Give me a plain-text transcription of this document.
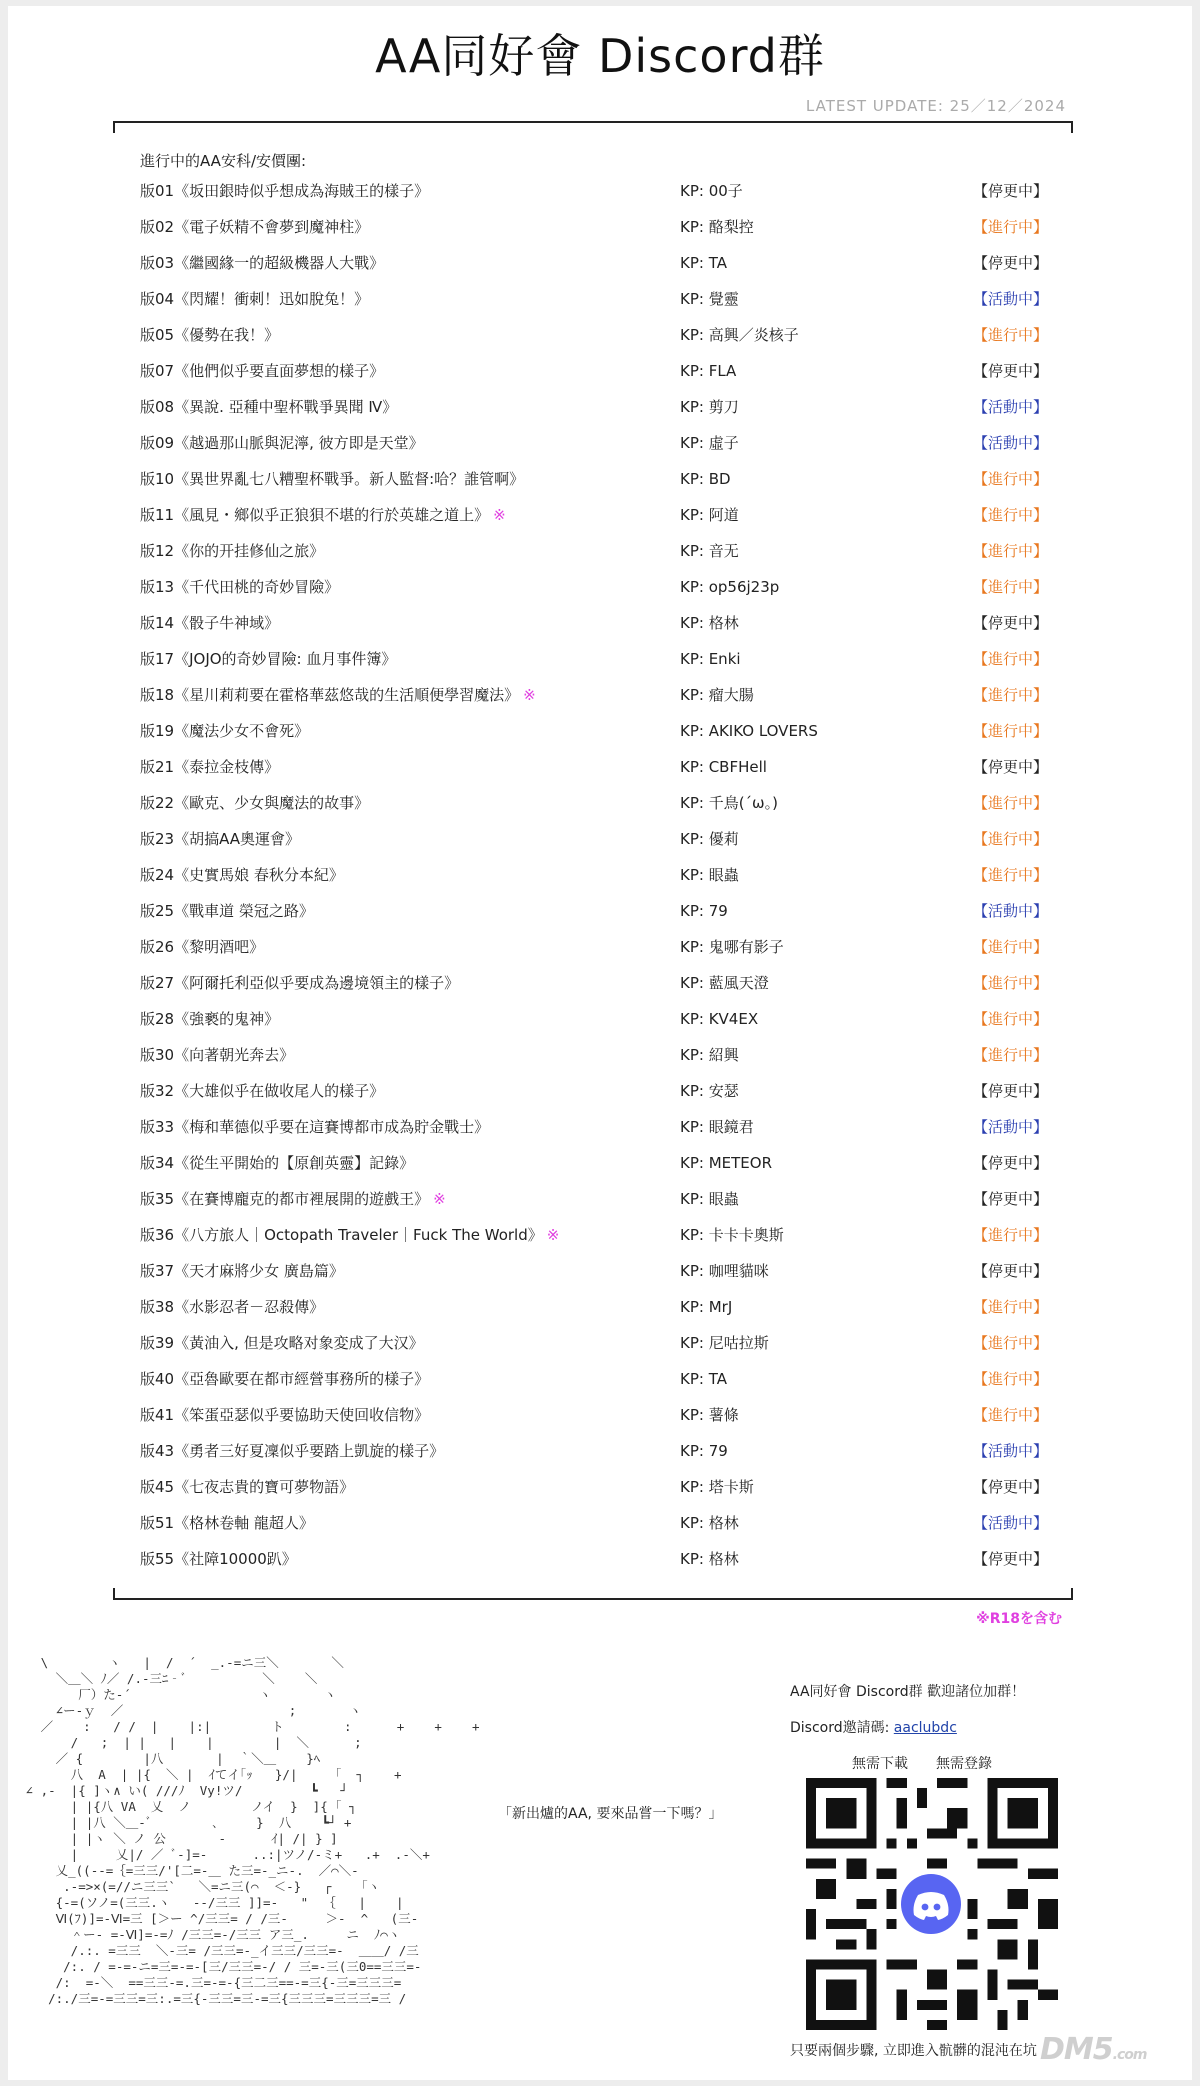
AA同好會 Discord群
LATEST UPDATE: 25／12／2024
進行中的AA安科/安價團:
版01《坂田銀時似乎想成為海賊王的樣子》	KP: 00子	【停更中】
版02《電子妖精不會夢到魔神柱》	KP: 酪梨控	【進行中】
版03《繼國緣一的超級機器人大戰》	KP: TA	【停更中】
版04《閃耀！衝刺！迅如脫兔！》	KP: 覺靈	【活動中】
版05《優勢在我！》	KP: 高興／炎核子	【進行中】
版07《他們似乎要直面夢想的樣子》	KP: FLA	【停更中】
版08《異說. 亞種中聖杯戰爭異聞 Ⅳ》	KP: 剪刀	【活動中】
版09《越過那山脈與泥濘, 彼方即是天堂》	KP: 虛子	【活動中】
版10《異世界亂七八糟聖杯戰爭。新人監督:哈？誰管啊》	KP: BD	【進行中】
版11《風見・鄉似乎正狼狽不堪的行於英雄之道上》 ※	KP: 阿道	【進行中】
版12《你的开挂修仙之旅》	KP: 音无	【進行中】
版13《千代田桃的奇妙冒險》	KP: op56j23p	【進行中】
版14《骰子牛神域》	KP: 格林	【停更中】
版17《JOJO的奇妙冒險: 血月事件簿》	KP: Enki	【進行中】
版18《星川莉莉要在霍格華茲悠哉的生活順便學習魔法》 ※	KP: 瘤大腸	【進行中】
版19《魔法少女不會死》	KP: AKIKO LOVERS	【進行中】
版21《泰拉金枝傳》	KP: CBFHell	【停更中】
版22《歐克、少女與魔法的故事》	KP: 千鳥(´ω。)	【進行中】
版23《胡搞AA奧運會》	KP: 優莉	【進行中】
版24《史實馬娘 春秋分本紀》	KP: 眼蟲	【進行中】
版25《戰車道 榮冠之路》	KP: 79	【活動中】
版26《黎明酒吧》	KP: 鬼哪有影子	【進行中】
版27《阿爾托利亞似乎要成為邊境領主的樣子》	KP: 藍風天澄	【進行中】
版28《強褻的鬼神》	KP: KV4EX	【進行中】
版30《向著朝光奔去》	KP: 紹興	【進行中】
版32《大雄似乎在做收尾人的樣子》	KP: 安瑟	【停更中】
版33《梅和華德似乎要在這賽博都市成為貯金戰士》	KP: 眼鏡君	【活動中】
版34《從生平開始的【原創英靈】記錄》	KP: METEOR	【停更中】
版35《在賽博龐克的都市裡展開的遊戲王》 ※	KP: 眼蟲	【停更中】
版36《八方旅人｜Octopath Traveler｜Fuck The World》 ※	KP: 卡卡卡奧斯	【進行中】
版37《天才麻將少女 廣島篇》	KP: 咖哩貓咪	【停更中】
版38《水影忍者－忍殺傳》	KP: MrJ	【進行中】
版39《黃油入, 但是攻略对象変成了大汉》	KP: 尼咕拉斯	【進行中】
版40《亞魯歐要在都市經營事務所的樣子》	KP: TA	【進行中】
版41《笨蛋亞瑟似乎要協助天使回收信物》	KP: 薯條	【進行中】
版43《勇者三好夏凜似乎要踏上凱旋的樣子》	KP: 79	【活動中】
版45《七夜志貴的寶可夢物語》	KP: 塔卡斯	【停更中】
版51《格林卷軸 龍超人》	KP: 格林	【活動中】
版55《社障10000趴》	KP: 格林	【停更中】
※R18を含む
\        ヽ   |  /  ´  _.-=ニ三＼       ＼
＼＿＼ ﾉ／ /.-三ﾆ‐ﾞ          ＼    ＼
厂）た-´                 ヽ       ヽ
∠ー‐ｙ  ／                      ;       ヽ
／    :   / /  |    |:|        ト        :      +    +    +
/   ;  | |   |    |        |  ＼      ;
／ {        |八       |  ｀＼＿    }ﾍ
八  A  | |{  ＼ |  ｲてイ｢ｯ   }/|     ｢  ┐    +
∠ ,-  |{ ]ヽ∧ い( ///ﾉ  Vy!ツ/         ┗   ┘
| |{八 VA  乂  ノ        ノイ  }  ]{ ｢ ┐
| |八 ＼＿-ﾞ        ､     }  八    ┗┘ +
| |ヽ ＼ ノ 公       -      ｲ| /| } ]
|     乂|/ ／ ﾞ-]=-      ..:|ツノ/-ミ+   .+  .-＼+
乂_((‐-=｛=三三/'[二=-＿ た三=-_ニ-.  ／⌒＼-
.-=>×(=//ニ三三`   ＼=ニ三(⌒  ＜-}   ┌    ｢ヽ
{-=(ソノ=(三三.ヽ   -‐/三三 ]]=-   "  ｛   |    |
Ⅵ(ﾌ)]=-Ⅵ=三 [＞ー ^/三三= / /三-     ＞-  ^   (三-
＾ー- =-Ⅵ]=-=ﾉ /三三=-/三三 ア三_.     ニ  ﾉ⌒ヽ
/.:. =三三  ＼-三= /三三=-_イ三三/三三=-  ＿＿/ /三
/:. / =-=-ニ=三=-=-[三/三三=-/ / 三=-三(三0==三三=-
/:  =-＼  ==三三-=.三=-=-{三二三==-=三{-三=三三三=
/:./三=-=三三=三:.=三{-三三=三-=三{三三三=三三三=三 /
「新出爐的AA, 要來品嘗一下嗎？」
AA同好會 Discord群 歡迎諸位加群！
Discord邀請碼: aaclubdc
無需下載 無需登錄
只要兩個步驟, 立即進入骯髒的混沌在坑 DM5.com
